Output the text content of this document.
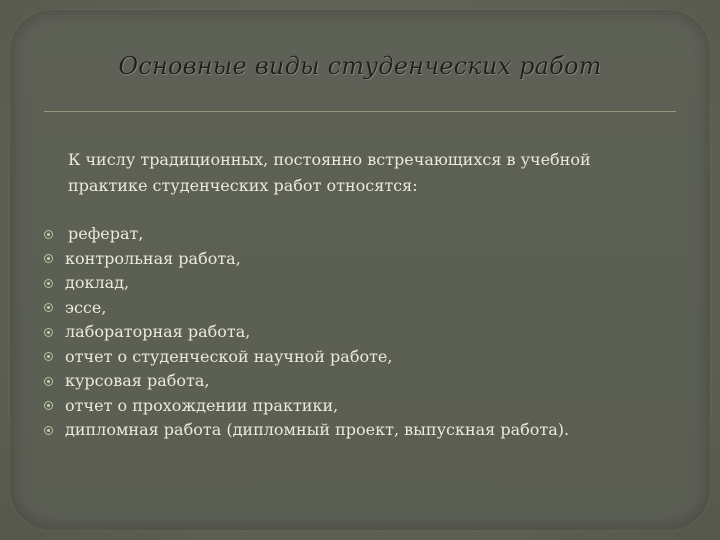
Основные виды студенческих работ
К числу традиционных, постоянно встречающихся в учебной
практике студенческих работ относятся:
реферат,
контрольная работа,
доклад,
эссе,
лабораторная работа,
отчет о студенческой научной работе,
курсовая работа,
отчет о прохождении практики,
дипломная работа (дипломный проект, выпускная работа).
